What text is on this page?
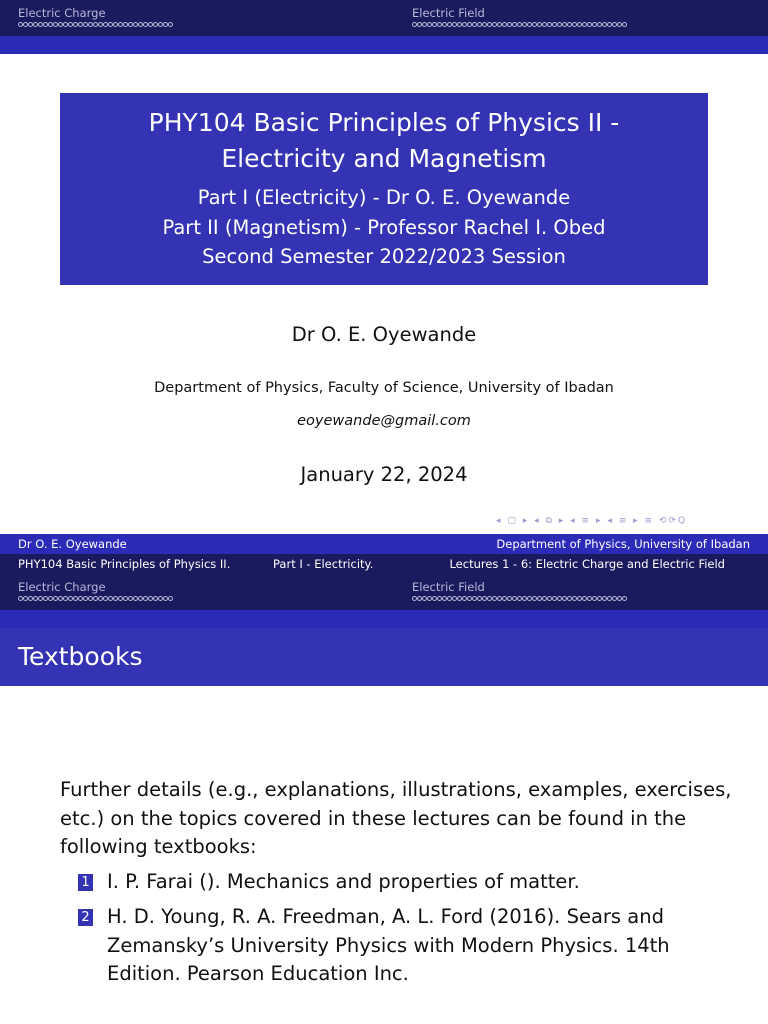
Electric Charge	Electric Field
PHY104 Basic Principles of Physics II -
Electricity and Magnetism
Part I (Electricity) - Dr O. E. Oyewande
Part II (Magnetism) - Professor Rachel I. Obed
Second Semester 2022/2023 Session
Dr O. E. Oyewande
Department of Physics, Faculty of Science, University of Ibadan
eoyewande@gmail.com
January 22, 2024
◂ ▢ ▸ ◂ ⧉ ▸ ◂ ≡ ▸ ◂ ≡ ▸ ≡ ⟲⟳Q
Dr O. E. Oyewande	Department of Physics, University of Ibadan
PHY104 Basic Principles of Physics II.	Part I - Electricity.	Lectures 1 - 6: Electric Charge and Electric Field
Electric Charge	Electric Field
Textbooks
Further details (e.g., explanations, illustrations, examples, exercises, etc.) on the topics covered in these lectures can be found in the following textbooks:
1 I. P. Farai (). Mechanics and properties of matter.
2 H. D. Young, R. A. Freedman, A. L. Ford (2016). Sears and Zemansky’s University Physics with Modern Physics. 14th Edition. Pearson Education Inc.
